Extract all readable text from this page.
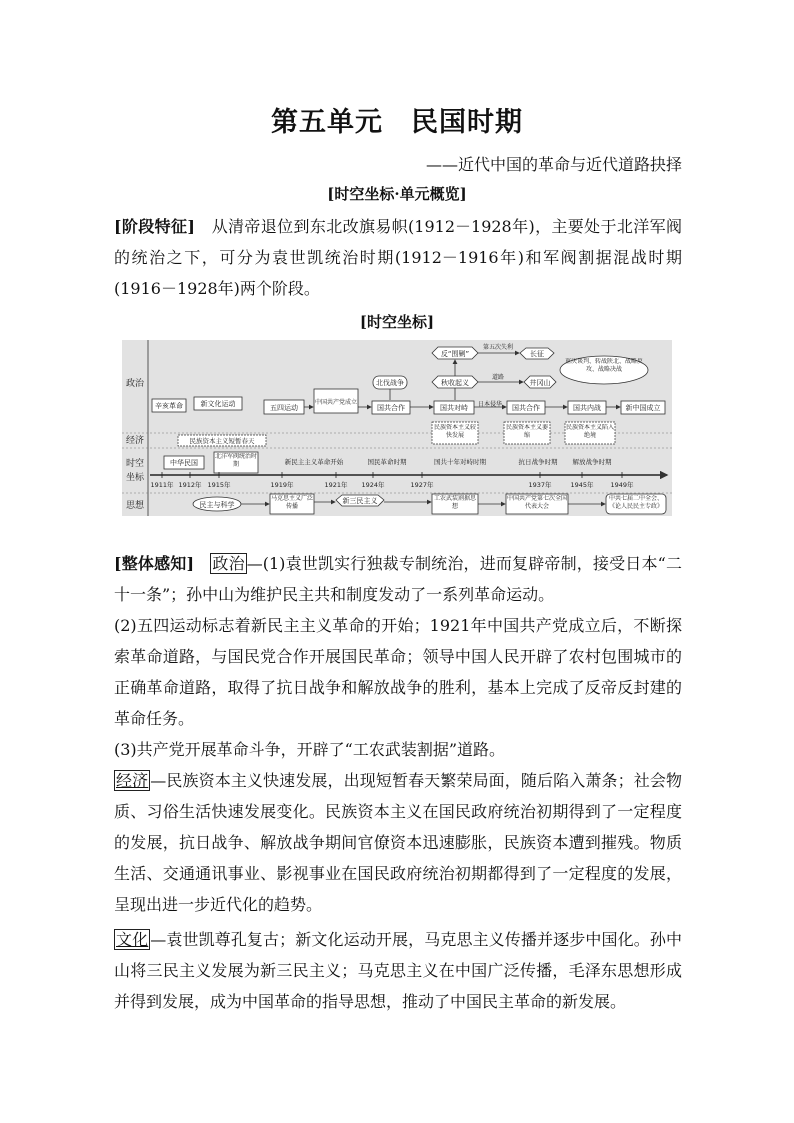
第五单元　民国时期
——近代中国的革命与近代道路抉择
[时空坐标·单元概览]

[阶段特征]　从清帝退位到东北改旗易帜(1912－1928年)，主要处于北洋军阀的统治之下，可分为袁世凯统治时期(1912－1916年)和军阀割据混战时期(1916－1928年)两个阶段。

[时空坐标]
政治
经济
时空
坐标
思想
辛亥革命	新文化运动	五四运动
中国共产党成立
北伐战争
国共合作
反“围剿”
第五次失利
长征
秋收起义
道路
井冈山
国共对峙 日本侵华 国共合作
重庆谈判、转战陕北、战略反攻、战略决战
国共内战	新中国成立
民族资本主义短暂春天
民族资本主义较快发展
民族资本主义萎缩
民族资本主义陷入绝境
中华民国
北洋军阀统治时期	新民主主义革命开始	国民革命时期	国共十年对峙时期	抗日战争时期 解放战争时期
1911年 1912年 1915年	1919年	1921年 1924年	1927年	1937年	1945年	1949年
民主与科学
马克思主义广泛传播
新三民主义	工农武装割据思想
中国共产党第七次全国代表大会
中共七届二中全会、《论人民民主专政》

[整体感知]　 政治 —(1)袁世凯实行独裁专制统治，进而复辟帝制，接受日本“二十一条”；孙中山为维护民主共和制度发动了一系列革命运动。

(2)五四运动标志着新民主主义革命的开始；1921年中国共产党成立后，不断探索革命道路，与国民党合作开展国民革命；领导中国人民开辟了农村包围城市的正确革命道路，取得了抗日战争和解放战争的胜利，基本上完成了反帝反封建的革命任务。

(3)共产党开展革命斗争，开辟了“工农武装割据”道路。

经济 —民族资本主义快速发展，出现短暂春天繁荣局面，随后陷入萧条；社会物质、习俗生活快速发展变化。民族资本主义在国民政府统治初期得到了一定程度的发展，抗日战争、解放战争期间官僚资本迅速膨胀，民族资本遭到摧残。物质生活、交通通讯事业、影视事业在国民政府统治初期都得到了一定程度的发展，呈现出进一步近代化的趋势。

文化 —袁世凯尊孔复古；新文化运动开展，马克思主义传播并逐步中国化。孙中山将三民主义发展为新三民主义；马克思主义在中国广泛传播，毛泽东思想形成并得到发展，成为中国革命的指导思想，推动了中国民主革命的新发展。
